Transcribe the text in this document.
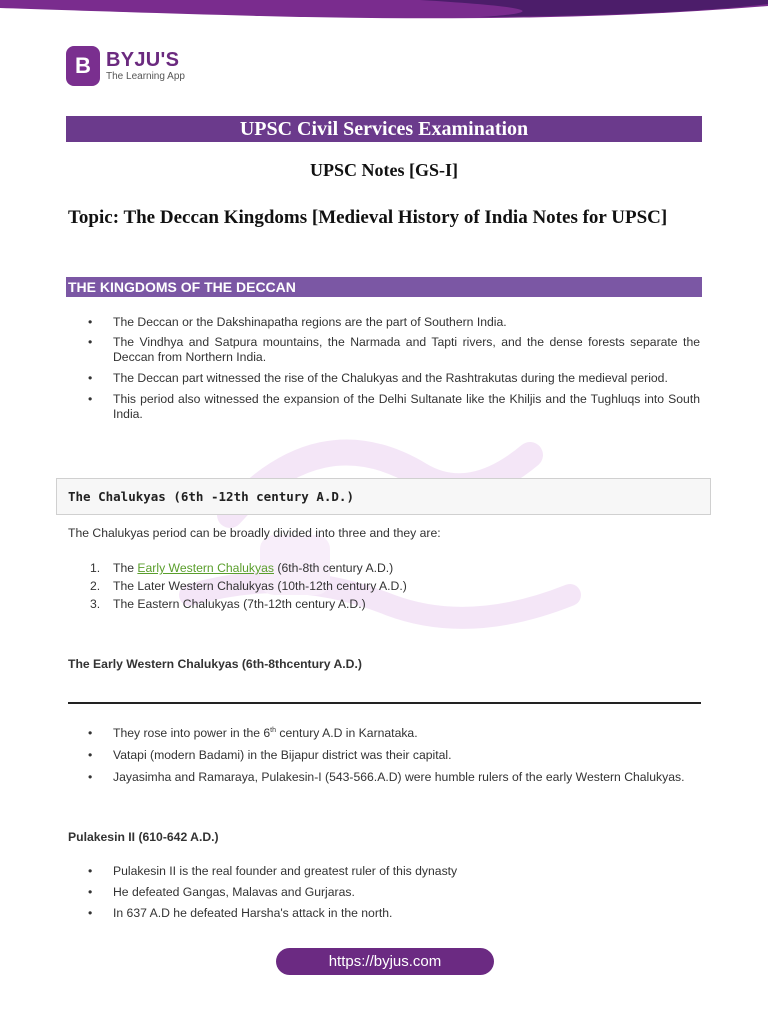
B BYJU'S
The Learning App
UPSC Civil Services Examination
UPSC Notes [GS-I]
Topic: The Deccan Kingdoms [Medieval History of India Notes for UPSC]
THE KINGDOMS OF THE DECCAN
• The Deccan or the Dakshinapatha regions are the part of Southern India.
• The Vindhya and Satpura mountains, the Narmada and Tapti rivers, and the dense forests separate the Deccan from Northern India.
• The Deccan part witnessed the rise of the Chalukyas and the Rashtrakutas during the medieval period.
• This period also witnessed the expansion of the Delhi Sultanate like the Khiljis and the Tughluqs into South India.
The Chalukyas (6th -12th century A.D.)

The Chalukyas period can be broadly divided into three and they are:

1. The Early Western Chalukyas (6th-8th century A.D.)
2. The Later Western Chalukyas (10th-12th century A.D.)
3. The Eastern Chalukyas (7th-12th century A.D.)

The Early Western Chalukyas (6th-8thcentury A.D.)

• They rose into power in the 6th century A.D in Karnataka.
• Vatapi (modern Badami) in the Bijapur district was their capital.
• Jayasimha and Ramaraya, Pulakesin-I (543-566.A.D) were humble rulers of the early Western Chalukyas.

Pulakesin II (610-642 A.D.)

• Pulakesin II is the real founder and greatest ruler of this dynasty
• He defeated Gangas, Malavas and Gurjaras.
• In 637 A.D he defeated Harsha's attack in the north.
https://byjus.com
